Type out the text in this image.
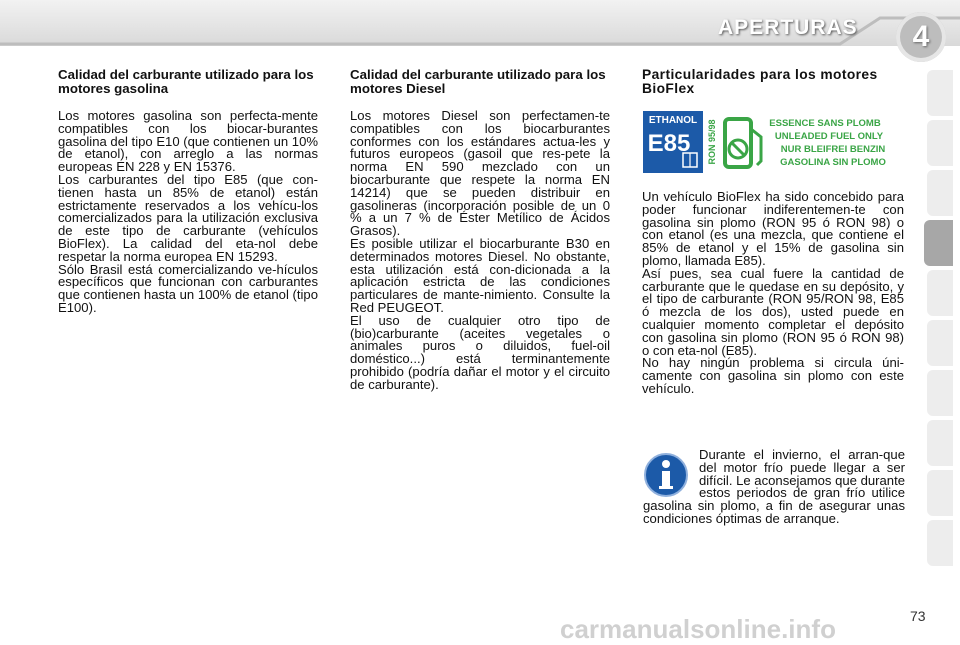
APERTURAS 4
Calidad del carburante utilizado para los motores gasolina

Los motores gasolina son perfecta-mente compatibles con los biocar-burantes gasolina del tipo E10 (que contienen un 10% de etanol), con arreglo a las normas europeas EN 228 y EN 15376.

Los carburantes del tipo E85 (que con-tienen hasta un 85% de etanol) están estrictamente reservados a los vehícu-los comercializados para la utilización exclusiva de este tipo de carburante (vehículos BioFlex). La calidad del eta-nol debe respetar la norma europea EN 15293.

Sólo Brasil está comercializando ve-hículos específicos que funcionan con carburantes que contienen hasta un 100% de etanol (tipo E100).

Calidad del carburante utilizado para los motores Diesel

Los motores Diesel son perfectamen-te compatibles con los biocarburantes conformes con los estándares actua-les y futuros europeos (gasoil que res-pete la norma EN 590 mezclado con un biocarburante que respete la norma EN 14214) que se pueden distribuir en gasolineras (incorporación posible de un 0 % a un 7 % de Éster Metílico de Ácidos Grasos).

Es posible utilizar el biocarburante B30 en determinados motores Diesel. No obstante, esta utilización está con-dicionada a la aplicación estricta de las condiciones particulares de mante-nimiento. Consulte la Red PEUGEOT.

El uso de cualquier otro tipo de (bio)carburante (aceites vegetales o animales puros o diluidos, fuel-oil doméstico...) está terminantemente prohibido (podría dañar el motor y el circuito de carburante).

Particularidades para los motores BioFlex

Un vehículo BioFlex ha sido concebido para poder funcionar indiferentemen-te con gasolina sin plomo (RON 95 ó RON 98) o con etanol (es una mezcla, que contiene el 85% de etanol y el 15% de gasolina sin plomo, llamada E85).

Así pues, sea cual fuere la cantidad de carburante que le quedase en su depósito, y el tipo de carburante (RON 95/RON 98, E85 ó mezcla de los dos), usted puede en cualquier momento completar el depósito con gasolina sin plomo (RON 95 ó RON 98) o con eta-nol (E85).

No hay ningún problema si circula úni-camente con gasolina sin plomo con este vehículo.

ETHANOL
E85 RON 95/98	ESSENCE SANS PLOMB
UNLEADED FUEL ONLY
NUR BLEIFREI BENZIN
GASOLINA SIN PLOMO
Durante el invierno, el arran-que del motor frío puede llegar a ser difícil. Le aconsejamos que durante estos periodos de gran frío utilice gasolina sin plomo, a fin de asegurar unas condiciones óptimas de arranque.
carmanualsonline.info	73
